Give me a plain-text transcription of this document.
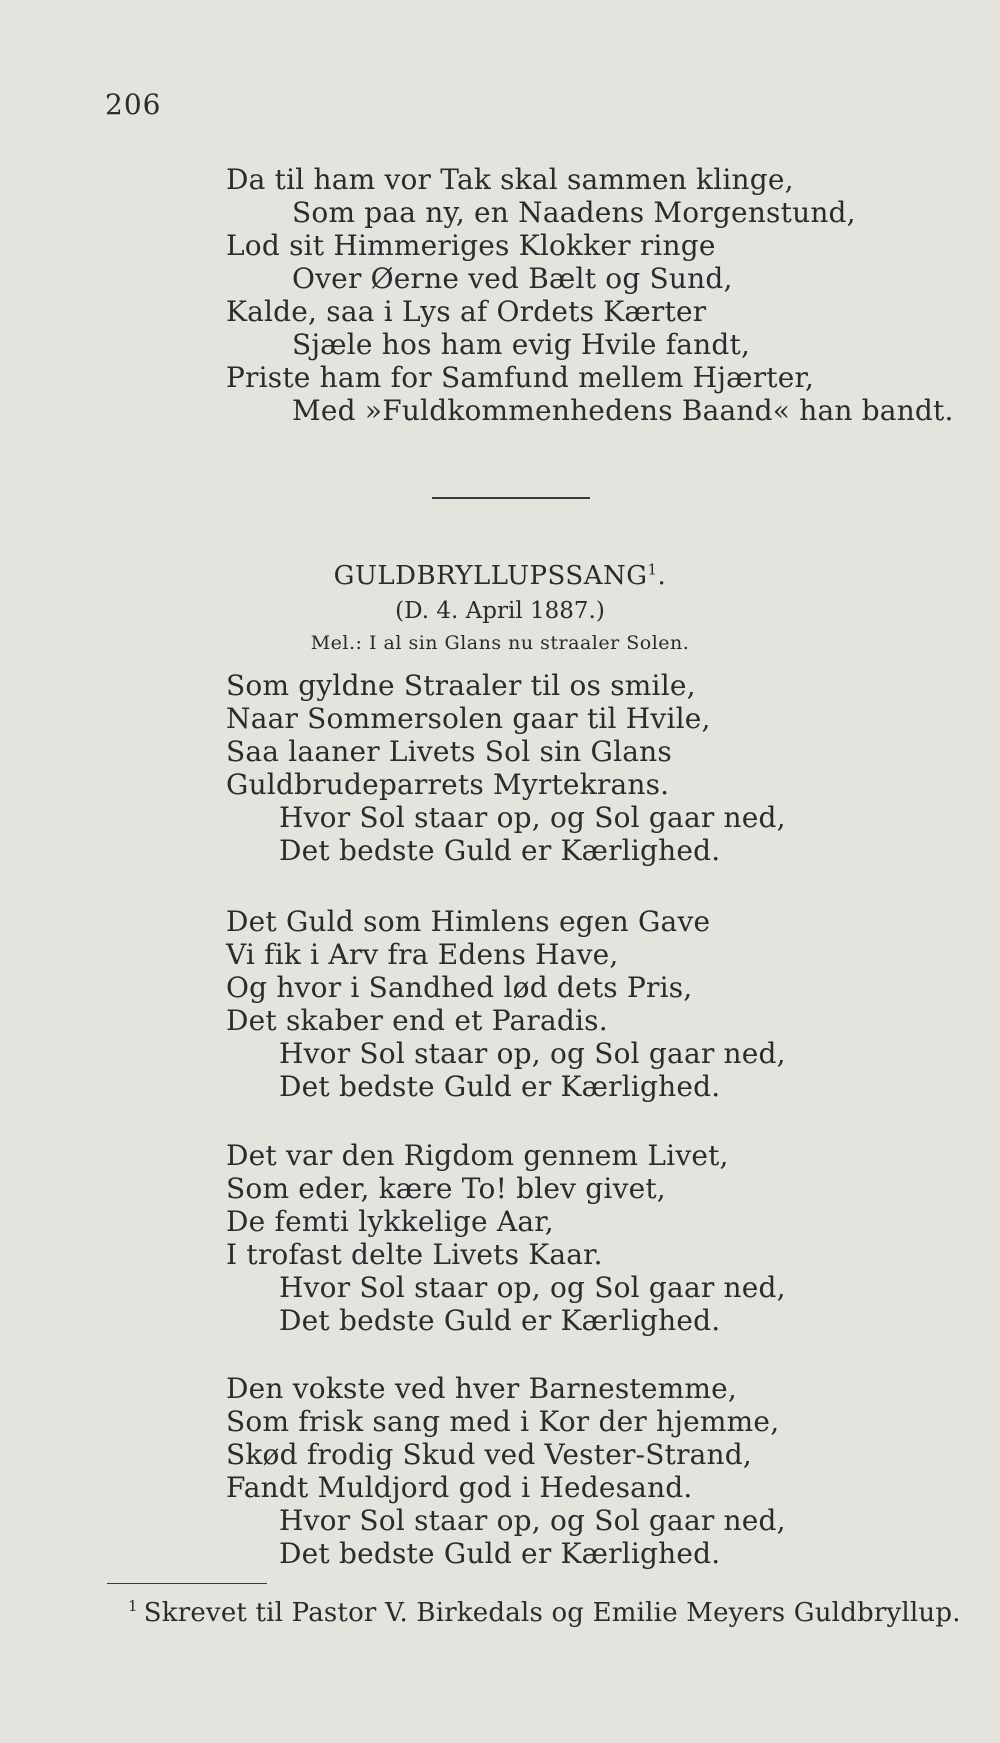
206
Da til ham vor Tak skal sammen klinge,
Som paa ny, en Naadens Morgenstund,
Lod sit Himmeriges Klokker ringe
Over Øerne ved Bælt og Sund,
Kalde, saa i Lys af Ordets Kærter
Sjæle hos ham evig Hvile fandt,
Priste ham for Samfund mellem Hjærter,
Med »Fuldkommenhedens Baand« han bandt.
GULDBRYLLUPSSANG$^1$.
(D. 4. April 1887.)
Mel.: I al sin Glans nu straaler Solen.
Som gyldne Straaler til os smile,
Naar Sommersolen gaar til Hvile,
Saa laaner Livets Sol sin Glans
Guldbrudeparrets Myrtekrans.
Hvor Sol staar op, og Sol gaar ned,
Det bedste Guld er Kærlighed.
Det Guld som Himlens egen Gave
Vi fik i Arv fra Edens Have,
Og hvor i Sandhed lød dets Pris,
Det skaber end et Paradis.
Hvor Sol staar op, og Sol gaar ned,
Det bedste Guld er Kærlighed.
Det var den Rigdom gennem Livet,
Som eder, kære To! blev givet,
De femti lykkelige Aar,
I trofast delte Livets Kaar.
Hvor Sol staar op, og Sol gaar ned,
Det bedste Guld er Kærlighed.
Den vokste ved hver Barnestemme,
Som frisk sang med i Kor der hjemme,
Skød frodig Skud ved Vester-Strand,
Fandt Muldjord god i Hedesand.
Hvor Sol staar op, og Sol gaar ned,
Det bedste Guld er Kærlighed.
$^1$ Skrevet til Pastor V. Birkedals og Emilie Meyers Guldbryllup.
